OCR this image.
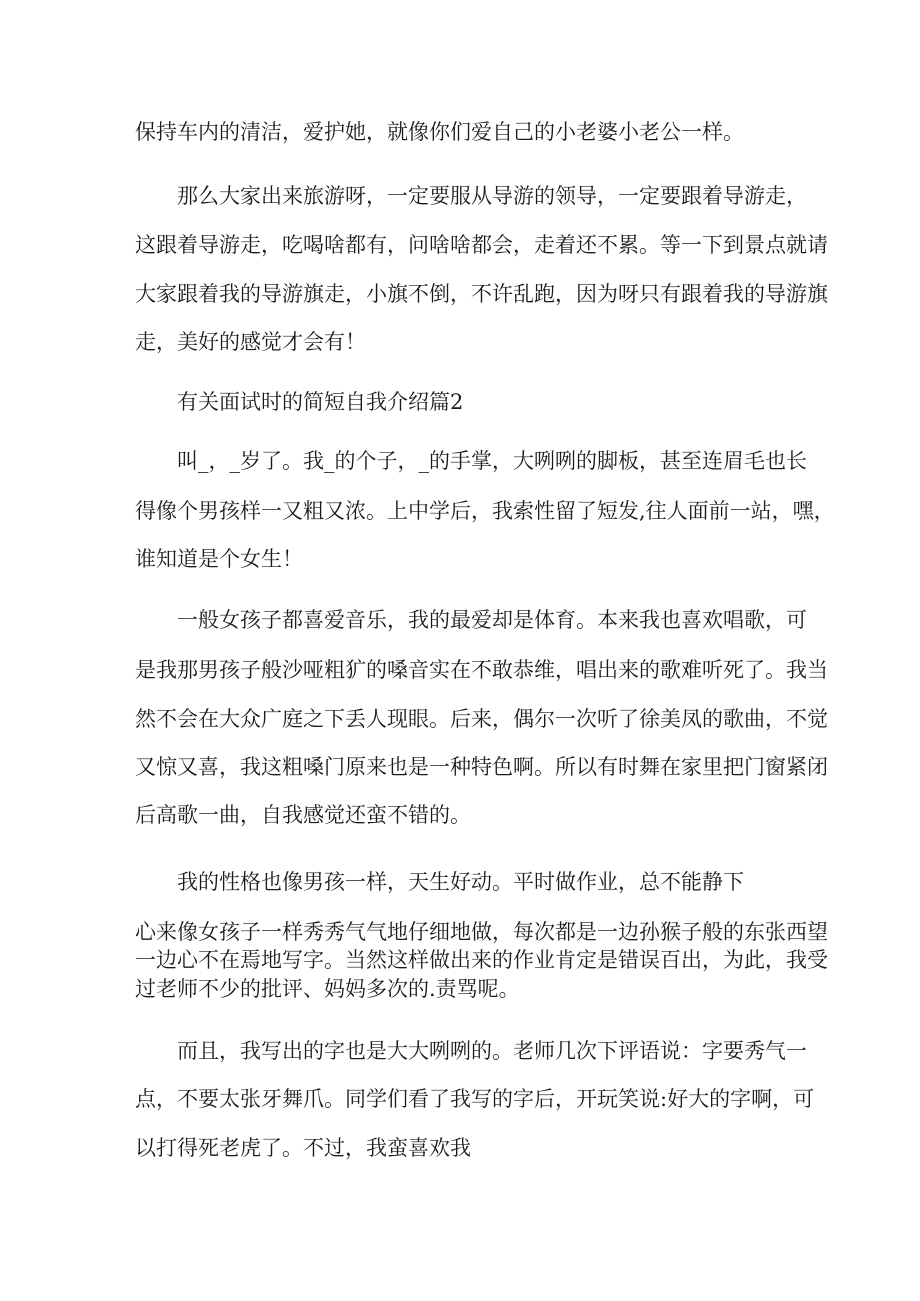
保持车内的清洁，爱护她，就像你们爱自己的小老婆小老公一样。
那么大家出来旅游呀，一定要服从导游的领导，一定要跟着导游走，
这跟着导游走，吃喝啥都有，问啥啥都会，走着还不累。等一下到景点就请
大家跟着我的导游旗走，小旗不倒，不许乱跑，因为呀只有跟着我的导游旗
走，美好的感觉才会有！
有关面试时的简短自我介绍篇2
叫_，_岁了。我_的个子，_的手掌，大咧咧的脚板，甚至连眉毛也长
得像个男孩样一又粗又浓。上中学后，我索性留了短发,往人面前一站，嘿，
谁知道是个女生！
一般女孩子都喜爱音乐，我的最爱却是体育。本来我也喜欢唱歌，可
是我那男孩子般沙哑粗犷的嗓音实在不敢恭维，唱出来的歌难听死了。我当
然不会在大众广庭之下丢人现眼。后来，偶尔一次听了徐美凤的歌曲，不觉
又惊又喜，我这粗嗓门原来也是一种特色啊。所以有时舞在家里把门窗紧闭
后高歌一曲，自我感觉还蛮不错的。
我的性格也像男孩一样，天生好动。平时做作业，总不能静下
心来像女孩子一样秀秀气气地仔细地做，每次都是一边孙猴子般的东张西望
一边心不在焉地写字。当然这样做出来的作业肯定是错误百出，为此，我受
过老师不少的批评、妈妈多次的.责骂呢。
而且，我写出的字也是大大咧咧的。老师几次下评语说：字要秀气一
点，不要太张牙舞爪。同学们看了我写的字后，开玩笑说:好大的字啊，可
以打得死老虎了。不过，我蛮喜欢我
